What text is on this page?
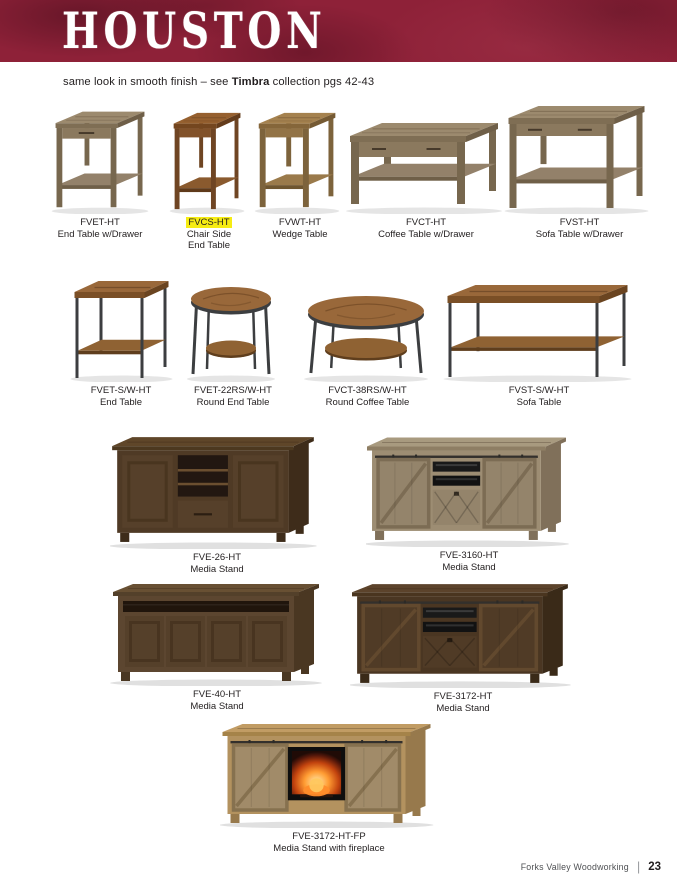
HOUSTON
same look in smooth finish – see Timbra collection pgs 42-43
FVET-HT
End Table w/Drawer
FVCS-HT
Chair Side End Table
FVWT-HT
Wedge Table
FVCT-HT
Coffee Table w/Drawer
FVST-HT
Sofa Table w/Drawer
FVET-S/W-HT
End Table
FVET-22RS/W-HT
Round End Table
FVCT-38RS/W-HT
Round Coffee Table
FVST-S/W-HT
Sofa Table
FVE-26-HT
Media Stand
FVE-3160-HT
Media Stand
FVE-40-HT
Media Stand
FVE-3172-HT
Media Stand
FVE-3172-HT-FP
Media Stand with fireplace
Forks Valley Woodworking | 23
